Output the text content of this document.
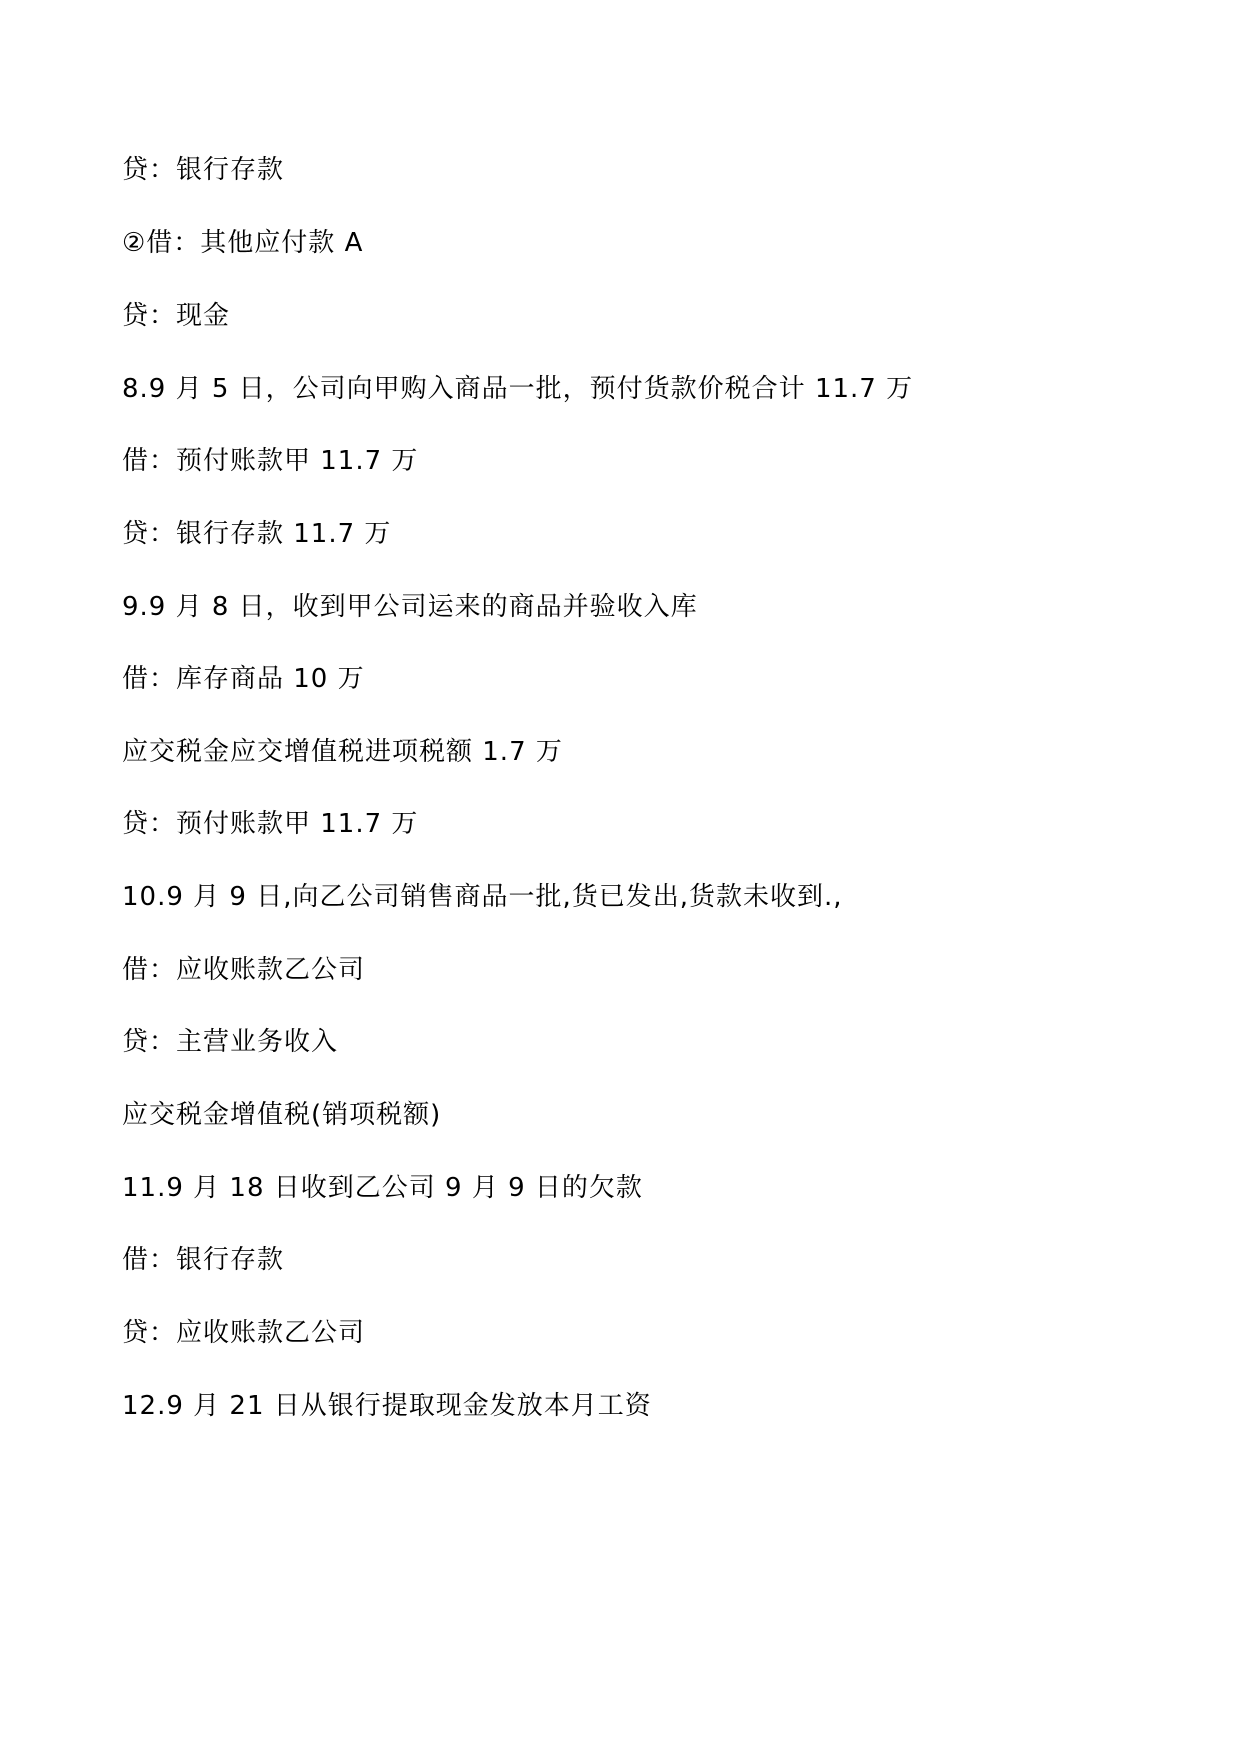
贷：银行存款

②借：其他应付款 A

贷：现金

8.9 月 5 日，公司向甲购入商品一批，预付货款价税合计 11.7 万

借：预付账款甲 11.7 万

贷：银行存款 11.7 万

9.9 月 8 日，收到甲公司运来的商品并验收入库

借：库存商品 10 万

应交税金应交增值税进项税额 1.7 万

贷：预付账款甲 11.7 万

10.9 月 9 日,向乙公司销售商品一批,货已发出,货款未收到.,

借：应收账款乙公司

贷：主营业务收入

应交税金增值税(销项税额)

11.9 月 18 日收到乙公司 9 月 9 日的欠款

借：银行存款

贷：应收账款乙公司

12.9 月 21 日从银行提取现金发放本月工资
